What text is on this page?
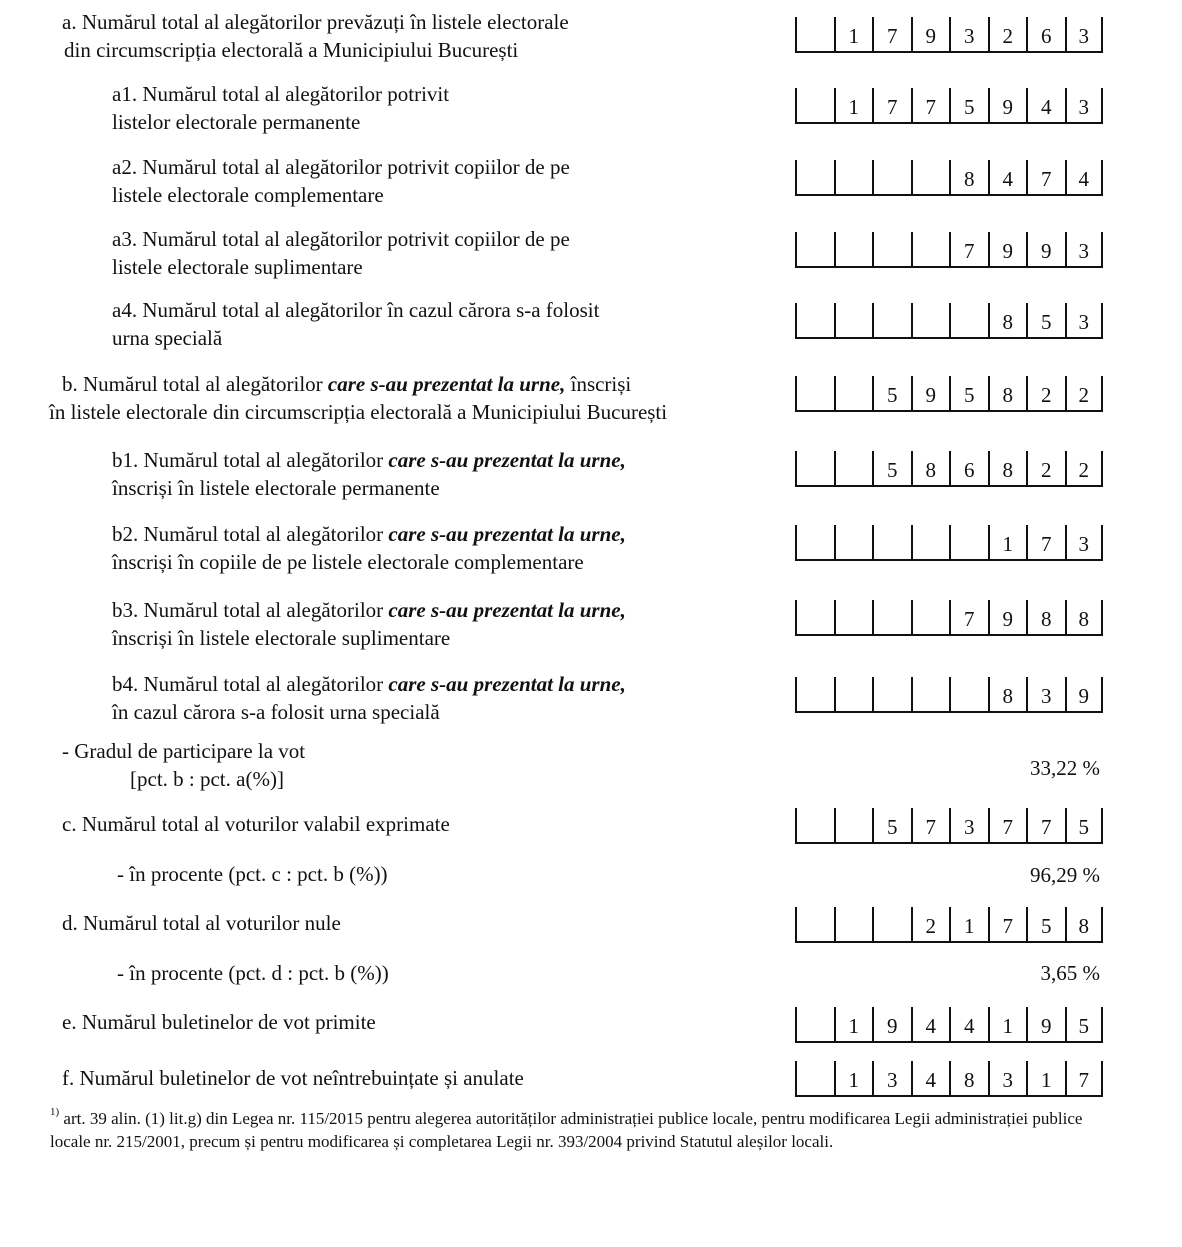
a. Numărul total al alegătorilor prevăzuți în listele electorale
din circumscripția electorală a Municipiului București
1	7	9	3	2	6	3
a1. Numărul total al alegătorilor potrivit
listelor electorale permanente
1	7	7	5	9	4	3
a2. Numărul total al alegătorilor potrivit copiilor de pe
listele electorale complementare
8	4	7	4
a3. Numărul total al alegătorilor potrivit copiilor de pe
listele electorale suplimentare
7	9	9	3
a4. Numărul total al alegătorilor în cazul cărora s-a folosit
urna specială
8	5	3
b. Numărul total al alegătorilor care s-au prezentat la urne, înscriși
în listele electorale din circumscripția electorală a Municipiului București
5	9	5	8	2	2
b1. Numărul total al alegătorilor care s-au prezentat la urne,
înscriși în listele electorale permanente
5	8	6	8	2	2
b2. Numărul total al alegătorilor care s-au prezentat la urne,
înscriși în copiile de pe listele electorale complementare
1	7	3
b3. Numărul total al alegătorilor care s-au prezentat la urne,
înscriși în listele electorale suplimentare
7	9	8	8
b4. Numărul total al alegătorilor care s-au prezentat la urne,
în cazul cărora s-a folosit urna specială
8	3	9
- Gradul de participare la vot
[pct. b : pct. a(%)]	33,22 %
c. Numărul total al voturilor valabil exprimate	5	7	3	7	7	5
- în procente (pct. c : pct. b (%))	96,29 %
d. Numărul total al voturilor nule	2	1	7	5	8
- în procente (pct. d : pct. b (%))	3,65 %
e. Numărul buletinelor de vot primite	1	9	4	4	1	9	5
f. Numărul buletinelor de vot neîntrebuințate și anulate	1	3	4	8	3	1	7
$^{1)}$ art. 39 alin. (1) lit.g) din Legea nr. 115/2015 pentru alegerea autorităților administrației publice locale, pentru modificarea Legii administrației publice locale nr. 215/2001, precum și pentru modificarea și completarea Legii nr. 393/2004 privind Statutul aleșilor locali.
